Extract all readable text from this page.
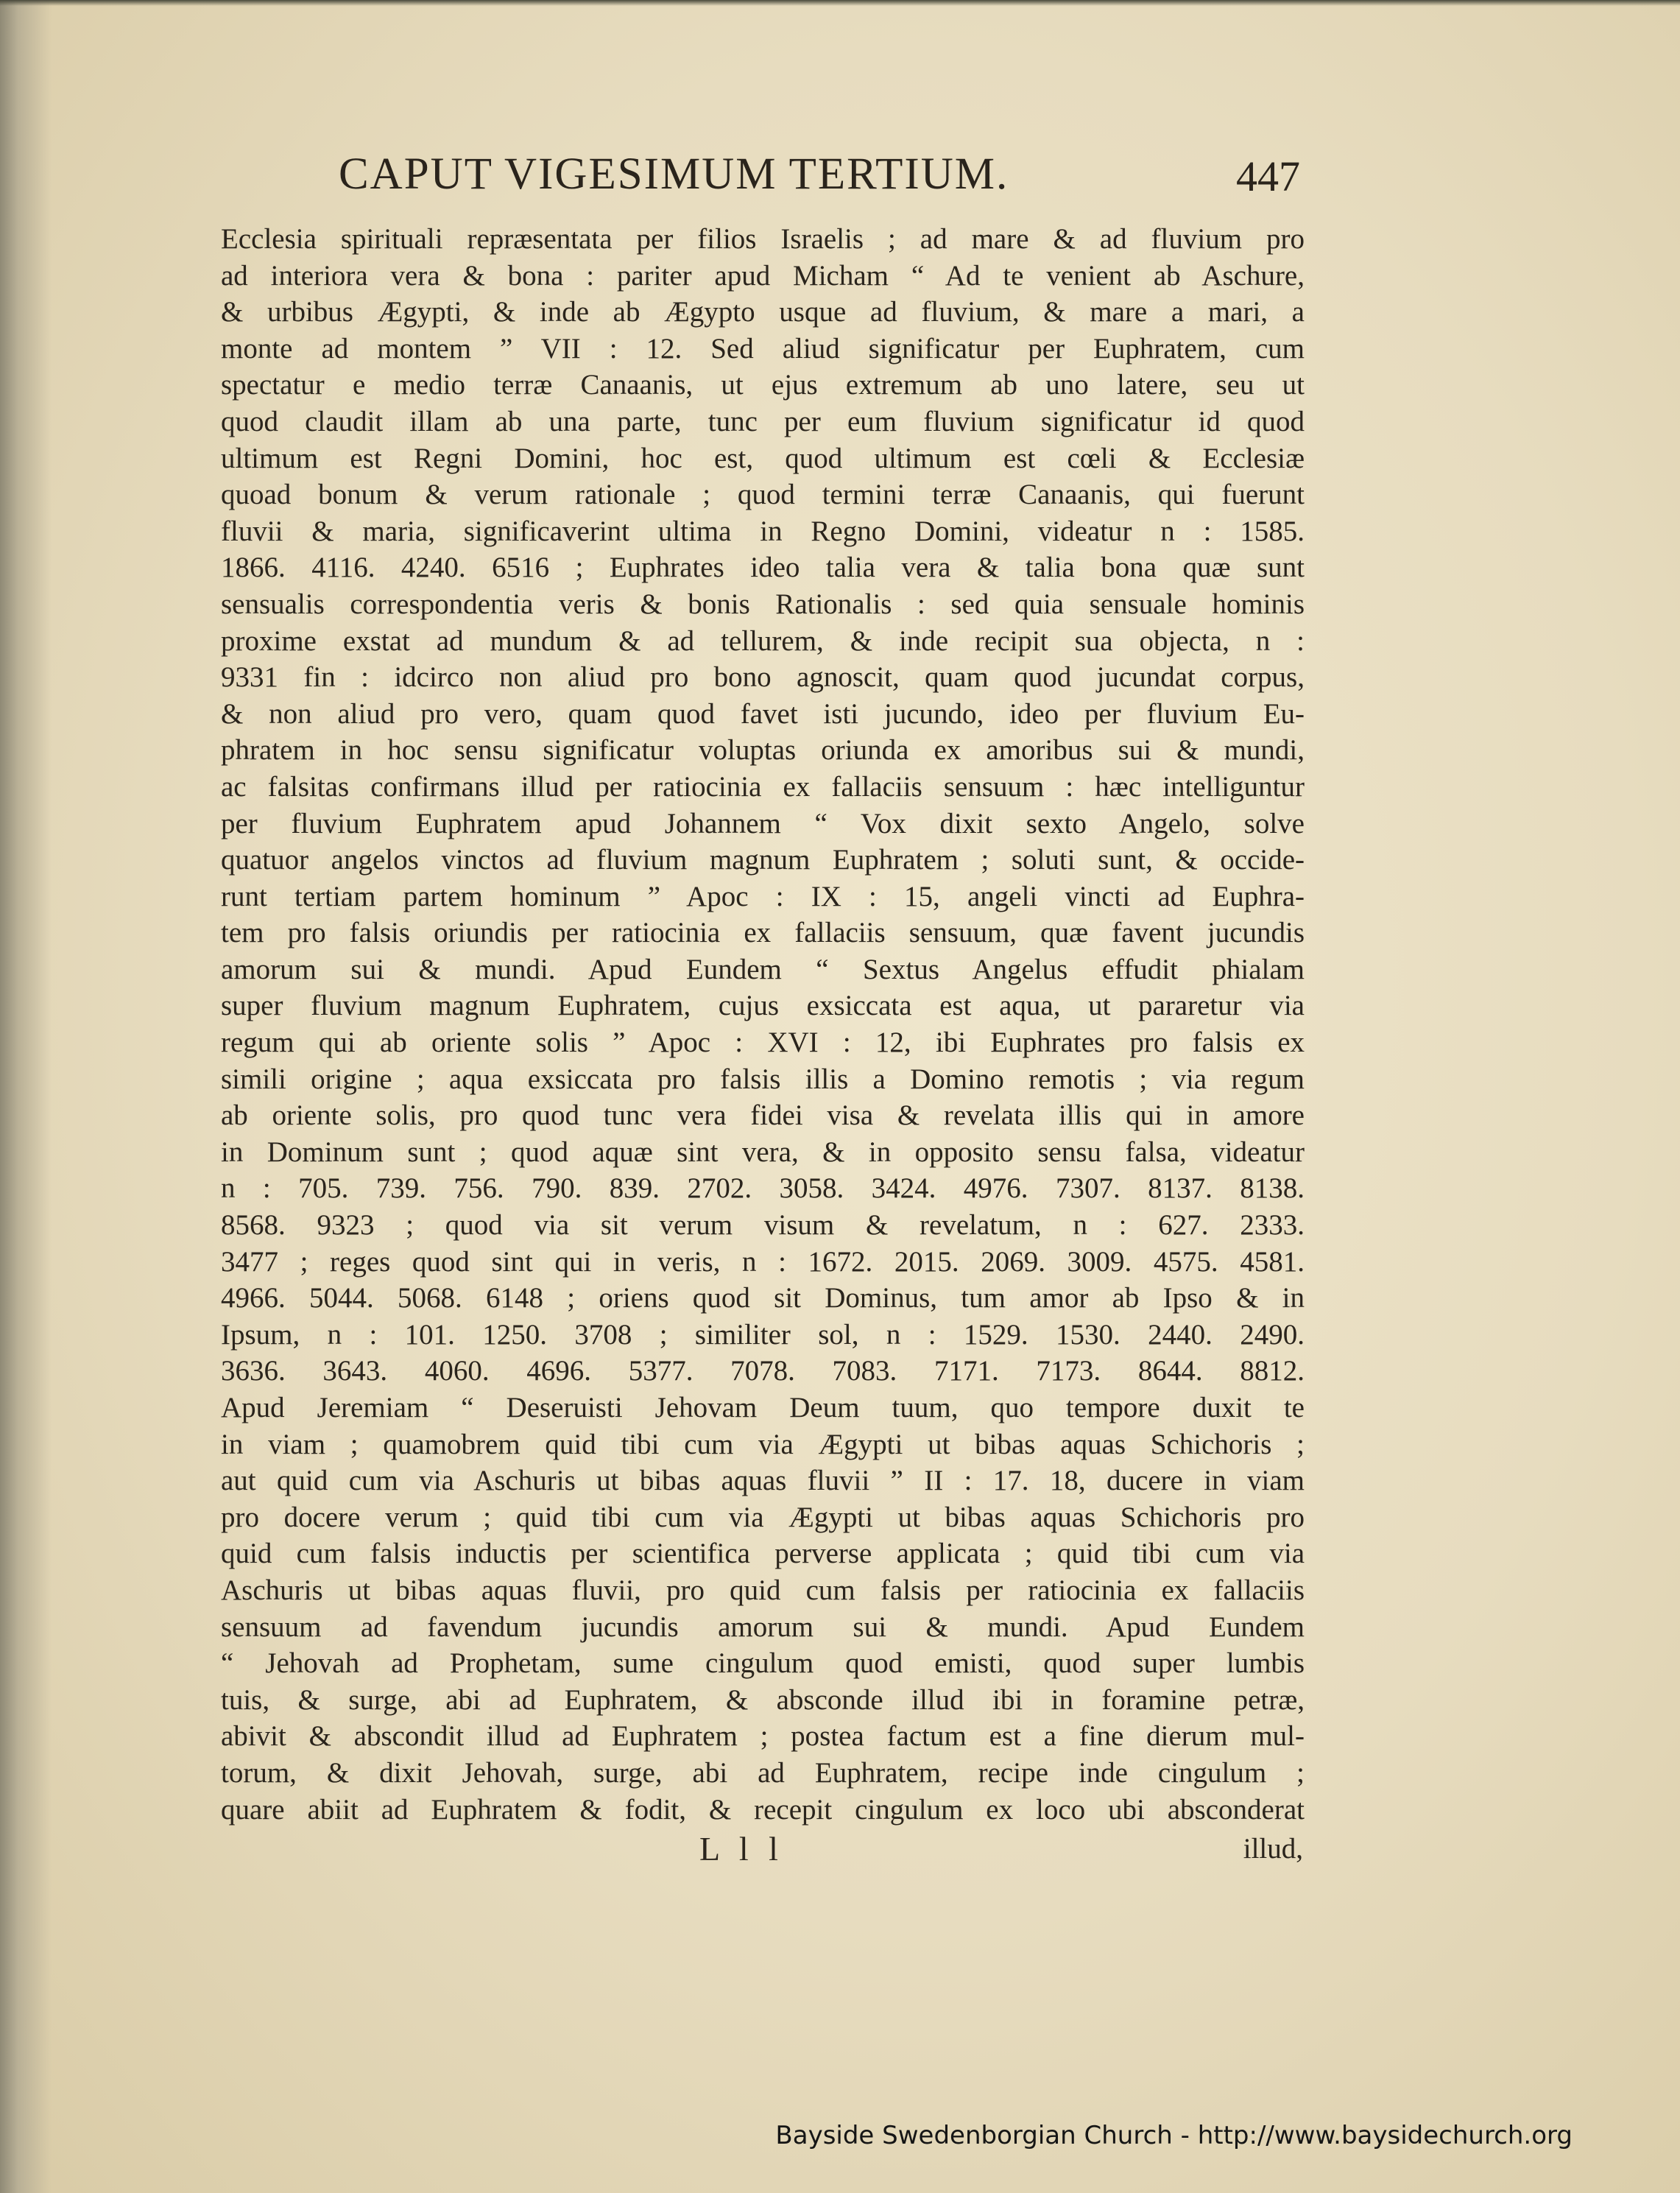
CAPUT VIGESIMUM TERTIUM.	447
Ecclesia spirituali repræsentata per filios Israelis ; ad mare & ad fluvium pro
ad interiora vera & bona : pariter apud Micham “ Ad te venient ab Aschure,
& urbibus Ægypti, & inde ab Ægypto usque ad fluvium, & mare a mari, a
monte ad montem ” VII : 12. Sed aliud significatur per Euphratem, cum
spectatur e medio terræ Canaanis, ut ejus extremum ab uno latere, seu ut
quod claudit illam ab una parte, tunc per eum fluvium significatur id quod
ultimum est Regni Domini, hoc est, quod ultimum est cœli & Ecclesiæ
quoad bonum & verum rationale ; quod termini terræ Canaanis, qui fuerunt
fluvii & maria, significaverint ultima in Regno Domini, videatur n : 1585.
1866. 4116. 4240. 6516 ; Euphrates ideo talia vera & talia bona quæ sunt
sensualis correspondentia veris & bonis Rationalis : sed quia sensuale hominis
proxime exstat ad mundum & ad tellurem, & inde recipit sua objecta, n :
9331 fin : idcirco non aliud pro bono agnoscit, quam quod jucundat corpus,
& non aliud pro vero, quam quod favet isti jucundo, ideo per fluvium Eu-
phratem in hoc sensu significatur voluptas oriunda ex amoribus sui & mundi,
ac falsitas confirmans illud per ratiocinia ex fallaciis sensuum : hæc intelliguntur
per fluvium Euphratem apud Johannem “ Vox dixit sexto Angelo, solve
quatuor angelos vinctos ad fluvium magnum Euphratem ; soluti sunt, & occide-
runt tertiam partem hominum ” Apoc : IX : 15, angeli vincti ad Euphra-
tem pro falsis oriundis per ratiocinia ex fallaciis sensuum, quæ favent jucundis
amorum sui & mundi. Apud Eundem “ Sextus Angelus effudit phialam
super fluvium magnum Euphratem, cujus exsiccata est aqua, ut pararetur via
regum qui ab oriente solis ” Apoc : XVI : 12, ibi Euphrates pro falsis ex
simili origine ; aqua exsiccata pro falsis illis a Domino remotis ; via regum
ab oriente solis, pro quod tunc vera fidei visa & revelata illis qui in amore
in Dominum sunt ; quod aquæ sint vera, & in opposito sensu falsa, videatur
n : 705. 739. 756. 790. 839. 2702. 3058. 3424. 4976. 7307. 8137. 8138.
8568. 9323 ; quod via sit verum visum & revelatum, n : 627. 2333.
3477 ; reges quod sint qui in veris, n : 1672. 2015. 2069. 3009. 4575. 4581.
4966. 5044. 5068. 6148 ; oriens quod sit Dominus, tum amor ab Ipso & in
Ipsum, n : 101. 1250. 3708 ; similiter sol, n : 1529. 1530. 2440. 2490.
3636. 3643. 4060. 4696. 5377. 7078. 7083. 7171. 7173. 8644. 8812.
Apud Jeremiam “ Deseruisti Jehovam Deum tuum, quo tempore duxit te
in viam ; quamobrem quid tibi cum via Ægypti ut bibas aquas Schichoris ;
aut quid cum via Aschuris ut bibas aquas fluvii ” II : 17. 18, ducere in viam
pro docere verum ; quid tibi cum via Ægypti ut bibas aquas Schichoris pro
quid cum falsis inductis per scientifica perverse applicata ; quid tibi cum via
Aschuris ut bibas aquas fluvii, pro quid cum falsis per ratiocinia ex fallaciis
sensuum ad favendum jucundis amorum sui & mundi. Apud Eundem
“ Jehovah ad Prophetam, sume cingulum quod emisti, quod super lumbis
tuis, & surge, abi ad Euphratem, & absconde illud ibi in foramine petræ,
abivit & abscondit illud ad Euphratem ; postea factum est a fine dierum mul-
torum, & dixit Jehovah, surge, abi ad Euphratem, recipe inde cingulum ;
quare abiit ad Euphratem & fodit, & recepit cingulum ex loco ubi absconderat
L l l	illud,
Bayside Swedenborgian Church - http://www.baysidechurch.org
